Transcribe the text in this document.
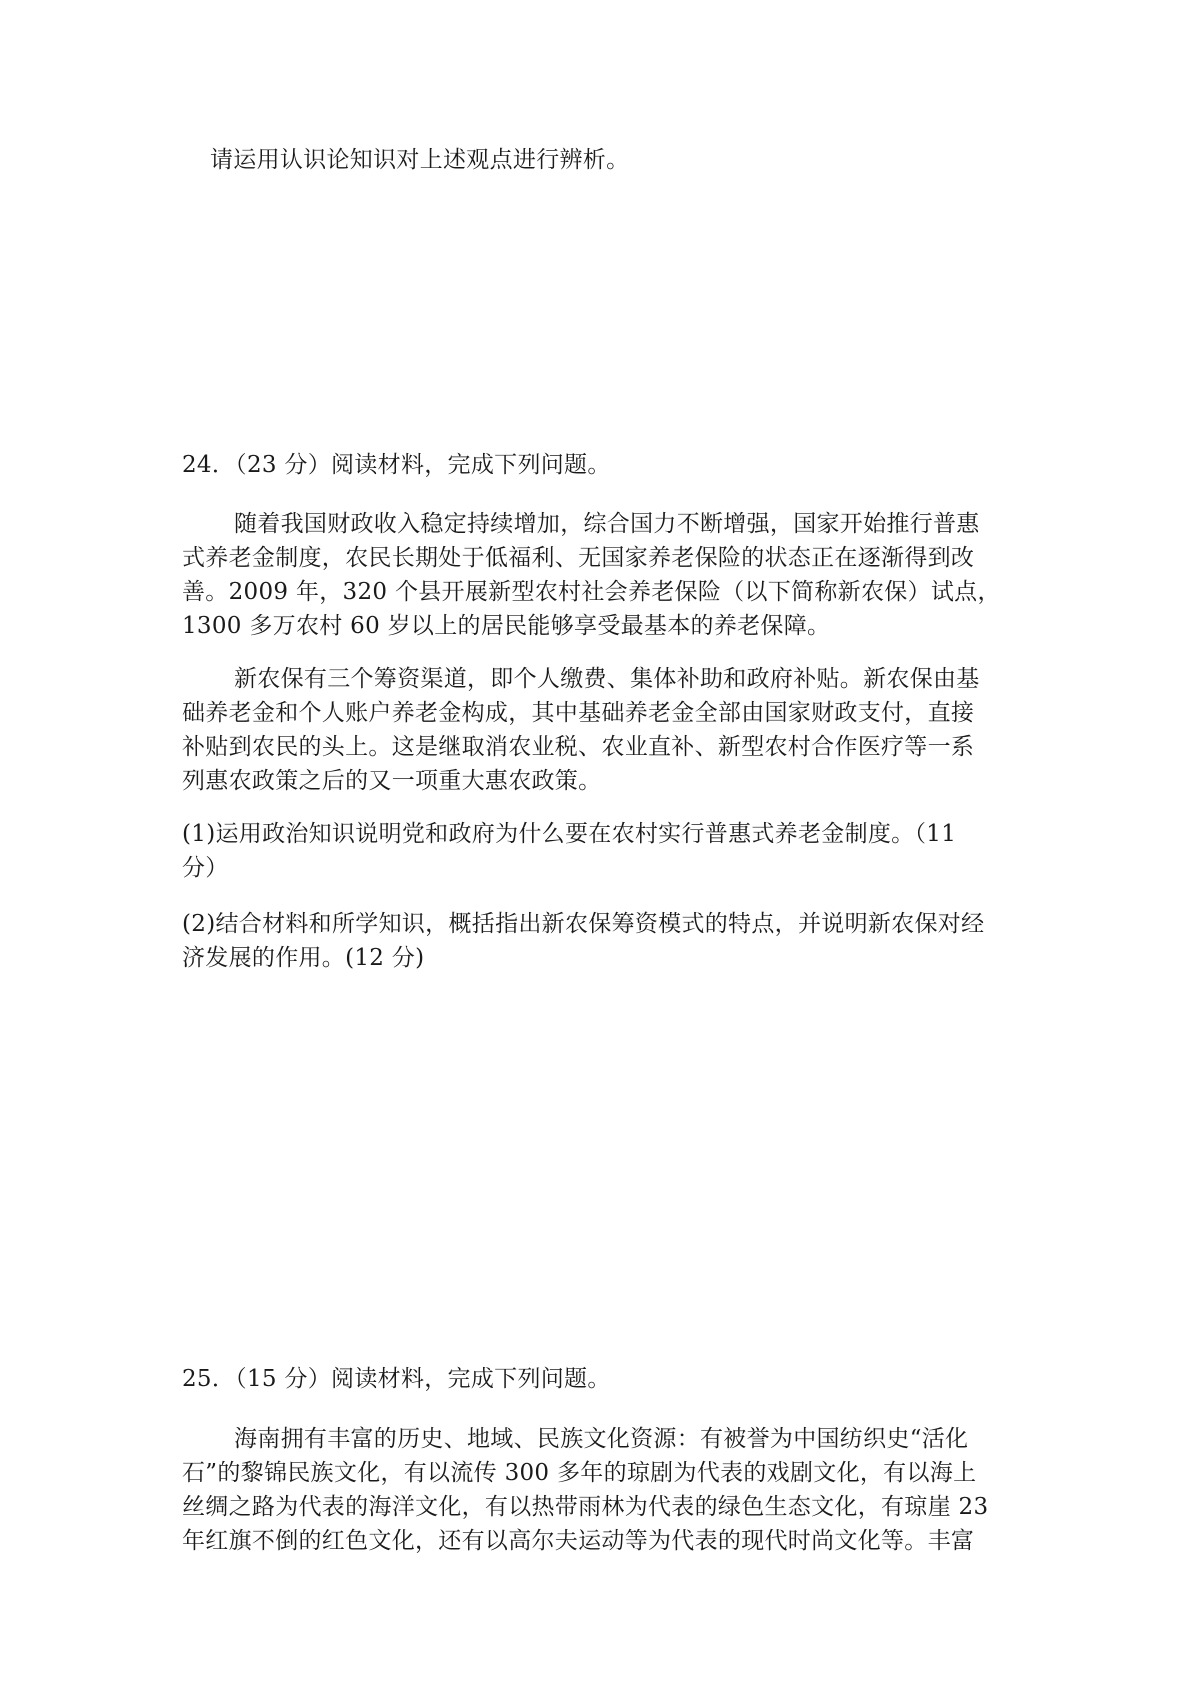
请运用认识论知识对上述观点进行辨析。

24．（23 分）阅读材料，完成下列问题。

随着我国财政收入稳定持续增加，综合国力不断增强，国家开始推行普惠
式养老金制度，农民长期处于低福利、无国家养老保险的状态正在逐渐得到改
善。2009 年，320 个县开展新型农村社会养老保险（以下简称新农保）试点，
1300 多万农村 60 岁以上的居民能够享受最基本的养老保障。
新农保有三个筹资渠道，即个人缴费、集体补助和政府补贴。新农保由基
础养老金和个人账户养老金构成，其中基础养老金全部由国家财政支付，直接
补贴到农民的头上。这是继取消农业税、农业直补、新型农村合作医疗等一系
列惠农政策之后的又一项重大惠农政策。
(1)运用政治知识说明党和政府为什么要在农村实行普惠式养老金制度。（11
分）
(2)结合材料和所学知识，概括指出新农保筹资模式的特点，并说明新农保对经
济发展的作用。(12 分)

25．（15 分）阅读材料，完成下列问题。

海南拥有丰富的历史、地域、民族文化资源：有被誉为中国纺织史“活化
石”的黎锦民族文化，有以流传 300 多年的琼剧为代表的戏剧文化，有以海上
丝绸之路为代表的海洋文化，有以热带雨林为代表的绿色生态文化，有琼崖 23
年红旗不倒的红色文化，还有以高尔夫运动等为代表的现代时尚文化等。丰富
